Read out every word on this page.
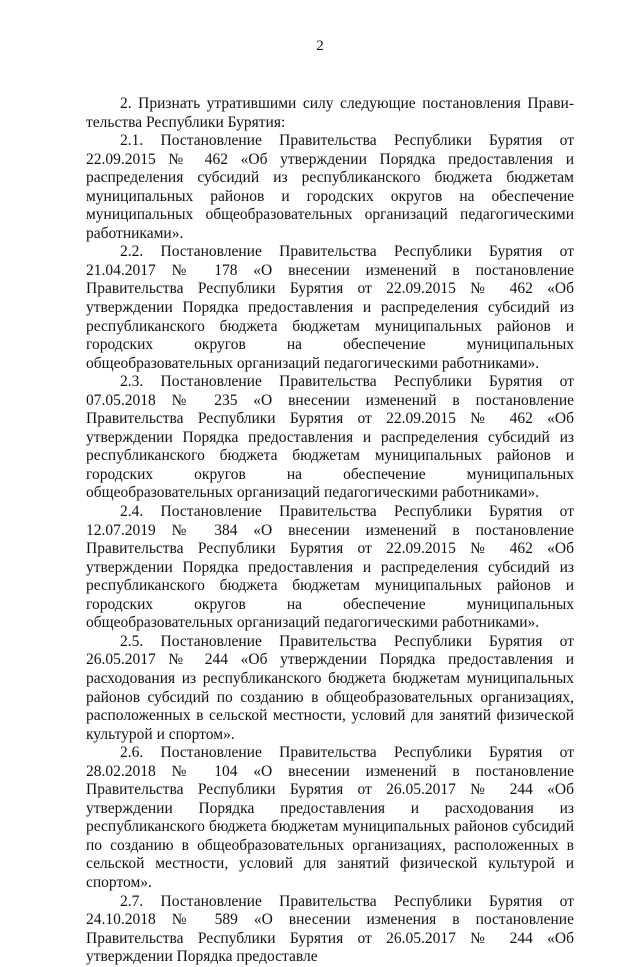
2

2. Признать утратившими силу следующие постановления Правительства Республики Бурятия:

2.1. Постановление Правительства Республики Бурятия от 22.09.2015 № 462 «Об утверждении Порядка предоставления и распределения субсидий из республиканского бюджета бюджетам муниципальных районов и городских округов на обеспечение муниципальных общеобразовательных организаций педагогическими работниками».

2.2. Постановление Правительства Республики Бурятия от 21.04.2017 № 178 «О внесении изменений в постановление Правительства Республики Бурятия от 22.09.2015 № 462 «Об утверждении Порядка предоставления и распределения субсидий из республиканского бюджета бюджетам муниципальных районов и городских округов на обеспечение муниципальных общеобразовательных организаций педагогическими работниками».

2.3. Постановление Правительства Республики Бурятия от 07.05.2018 № 235 «О внесении изменений в постановление Правительства Республики Бурятия от 22.09.2015 № 462 «Об утверждении Порядка предоставления и распределения субсидий из республиканского бюджета бюджетам муниципальных районов и городских округов на обеспечение муниципальных общеобразовательных организаций педагогическими работниками».

2.4. Постановление Правительства Республики Бурятия от 12.07.2019 № 384 «О внесении изменений в постановление Правительства Республики Бурятия от 22.09.2015 № 462 «Об утверждении Порядка предоставления и распределения субсидий из республиканского бюджета бюджетам муниципальных районов и городских округов на обеспечение муниципальных общеобразовательных организаций педагогическими работниками».

2.5. Постановление Правительства Республики Бурятия от 26.05.2017 № 244 «Об утверждении Порядка предоставления и расходования из республиканского бюджета бюджетам муниципальных районов субсидий по созданию в общеобразовательных организациях, расположенных в сельской местности, условий для занятий физической культурой и спортом».

2.6. Постановление Правительства Республики Бурятия от 28.02.2018 № 104 «О внесении изменений в постановление Правительства Республики Бурятия от 26.05.2017 № 244 «Об утверждении Порядка предоставления и расходования из республиканского бюджета бюджетам муниципальных районов субсидий по созданию в общеобразовательных организациях, расположенных в сельской местности, условий для занятий физической культурой и спортом».

2.7. Постановление Правительства Республики Бурятия от 24.10.2018 № 589 «О внесении изменения в постановление Правительства Республики Бурятия от 26.05.2017 № 244 «Об утверждении Порядка предоставле
